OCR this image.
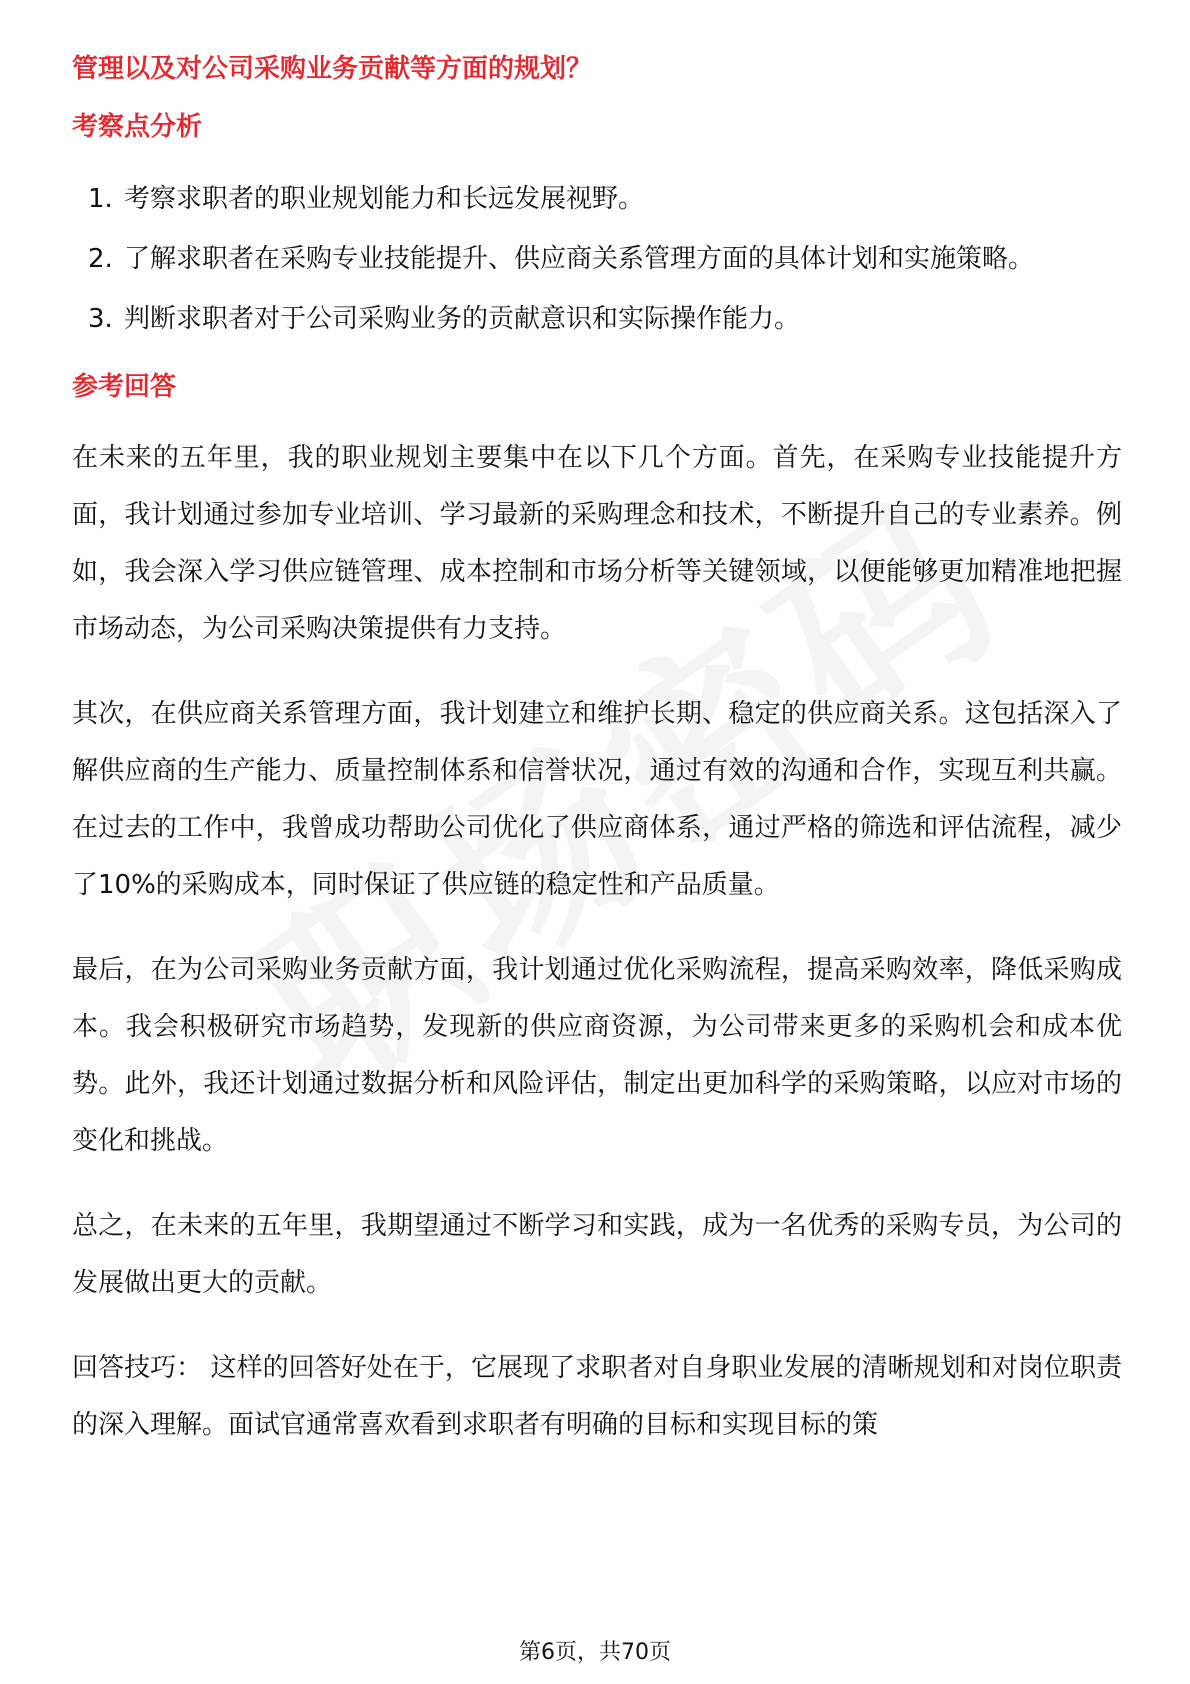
管理以及对公司采购业务贡献等方面的规划？

考察点分析

1. 考察求职者的职业规划能力和长远发展视野。
2. 了解求职者在采购专业技能提升、供应商关系管理方面的具体计划和实施策略。
3. 判断求职者对于公司采购业务的贡献意识和实际操作能力。

参考回答

在未来的五年里，我的职业规划主要集中在以下几个方面。首先，在采购专业技能提升方面，我计划通过参加专业培训、学习最新的采购理念和技术，不断提升自己的专业素养。例如，我会深入学习供应链管理、成本控制和市场分析等关键领域，以便能够更加精准地把握市场动态，为公司采购决策提供有力支持。

其次，在供应商关系管理方面，我计划建立和维护长期、稳定的供应商关系。这包括深入了解供应商的生产能力、质量控制体系和信誉状况，通过有效的沟通和合作，实现互利共赢。在过去的工作中，我曾成功帮助公司优化了供应商体系，通过严格的筛选和评估流程，减少了10%的采购成本，同时保证了供应链的稳定性和产品质量。

最后，在为公司采购业务贡献方面，我计划通过优化采购流程，提高采购效率，降低采购成本。我会积极研究市场趋势，发现新的供应商资源，为公司带来更多的采购机会和成本优势。此外，我还计划通过数据分析和风险评估，制定出更加科学的采购策略，以应对市场的变化和挑战。

总之，在未来的五年里，我期望通过不断学习和实践，成为一名优秀的采购专员，为公司的发展做出更大的贡献。

回答技巧： 这样的回答好处在于，它展现了求职者对自身职业发展的清晰规划和对岗位职责的深入理解。面试官通常喜欢看到求职者有明确的目标和实现目标的策

第6页，共70页
